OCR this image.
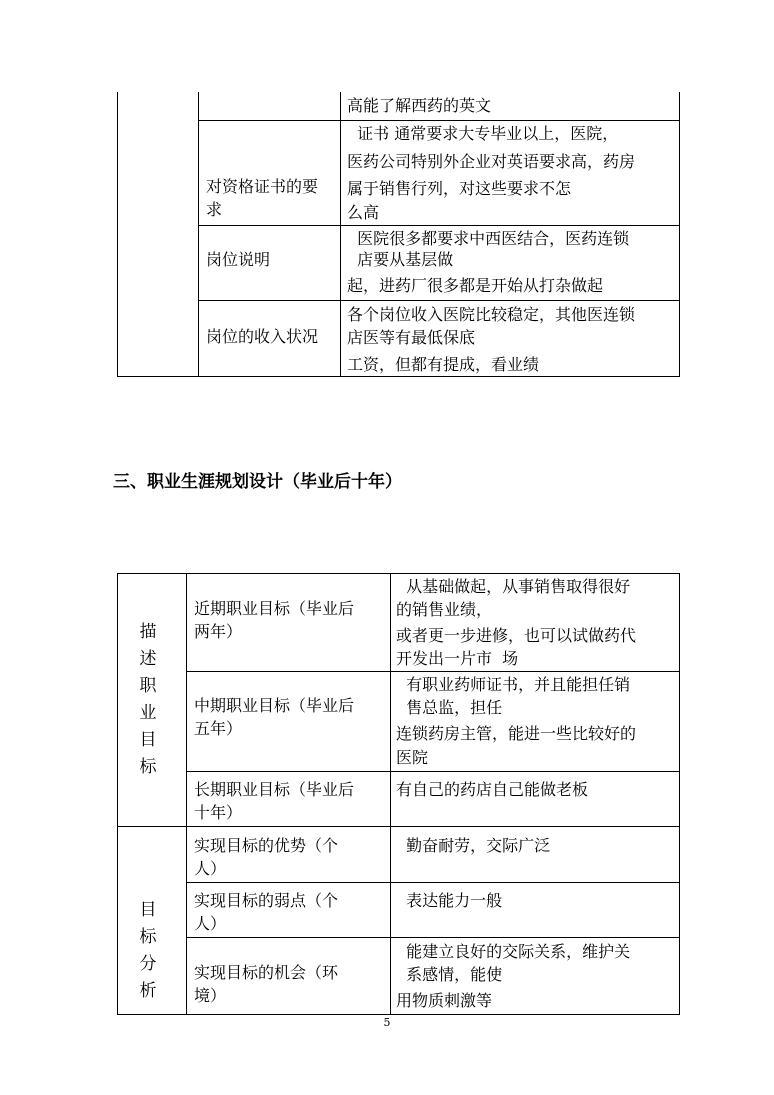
高能了解西药的英文
对资格证书的要
求
证书 通常要求大专毕业以上，医院，
医药公司特别外企业对英语要求高，药房
属于销售行列，对这些要求不怎
么高
岗位说明
医院很多都要求中西医结合，医药连锁
店要从基层做
起，进药厂很多都是开始从打杂做起
岗位的收入状况
各个岗位收入医院比较稳定，其他医连锁
店医等有最低保底
工资，但都有提成，看业绩
三、职业生涯规划设计（毕业后十年）
描述职业目标
目标分析
近期职业目标（毕业后
两年）
从基础做起，从事销售取得很好
的销售业绩，
或者更一步进修，也可以试做药代
开发出一片市  场
中期职业目标（毕业后
五年）
有职业药师证书，并且能担任销
售总监，担任
连锁药房主管，能进一些比较好的
医院
长期职业目标（毕业后
十年）
有自己的药店自己能做老板
实现目标的优势（个
人）
勤奋耐劳，交际广泛
实现目标的弱点（个
人）
表达能力一般
实现目标的机会（环
境）
能建立良好的交际关系，维护关
系感情，能使
用物质刺激等
5
